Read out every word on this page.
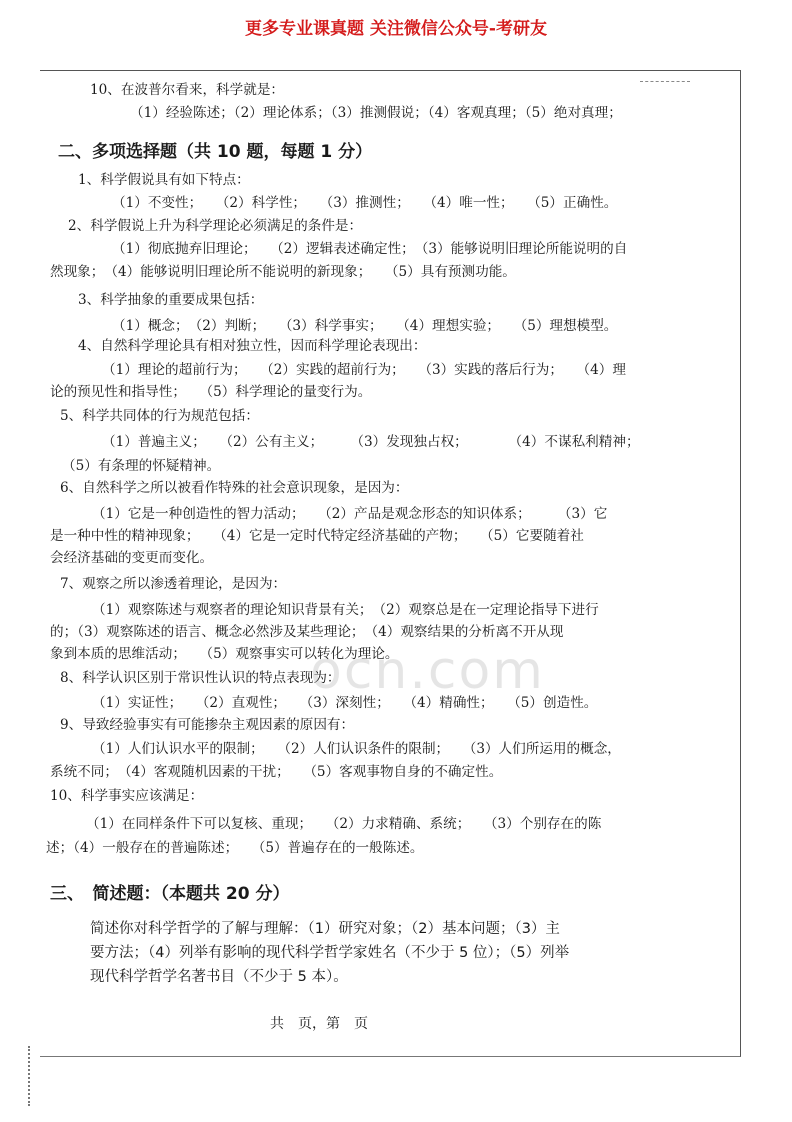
更多专业课真题 关注微信公众号-考研友
ocn.com
10、在波普尔看来，科学就是：
（1）经验陈述；（2）理论体系；（3）推测假说；（4）客观真理；（5）绝对真理；
二、多项选择题（共 10 题，每题 1 分）
1、科学假说具有如下特点：
（1）不变性；　　（2）科学性；　　（3）推测性；　　（4）唯一性；　　（5）正确性。
2、科学假说上升为科学理论必须满足的条件是：
（1）彻底抛弃旧理论；　　（2）逻辑表述确定性；　（3）能够说明旧理论所能说明的自
然现象；　（4）能够说明旧理论所不能说明的新现象；　　（5）具有预测功能。
3、科学抽象的重要成果包括：
（1）概念；　（2）判断；　　（3）科学事实；　　（4）理想实验；　　（5）理想模型。
4、自然科学理论具有相对独立性，因而科学理论表现出：
（1）理论的超前行为；　　（2）实践的超前行为；　　（3）实践的落后行为；　　（4）理
论的预见性和指导性；　　（5）科学理论的量变行为。
5、科学共同体的行为规范包括：
（1）普遍主义；　　（2）公有主义；　　　（3）发现独占权；　　　　（4）不谋私利精神；
（5）有条理的怀疑精神。
6、自然科学之所以被看作特殊的社会意识现象，是因为：
（1）它是一种创造性的智力活动；　　（2）产品是观念形态的知识体系；　　　（3）它
是一种中性的精神现象；　　（4）它是一定时代特定经济基础的产物；　　（5）它要随着社
会经济基础的变更而变化。
7、观察之所以渗透着理论，是因为：
（1）观察陈述与观察者的理论知识背景有关；　（2）观察总是在一定理论指导下进行
的；（3）观察陈述的语言、概念必然涉及某些理论；　（4）观察结果的分析离不开从现
象到本质的思维活动；　　（5）观察事实可以转化为理论。
8、科学认识区别于常识性认识的特点表现为：
（1）实证性；　　（2）直观性；　　（3）深刻性；　　（4）精确性；　　（5）创造性。
9、导致经验事实有可能掺杂主观因素的原因有：
（1）人们认识水平的限制；　　（2）人们认识条件的限制；　　（3）人们所运用的概念，
系统不同；　（4）客观随机因素的干扰；　　（5）客观事物自身的不确定性。
10、科学事实应该满足：
（1）在同样条件下可以复核、重现；　　（2）力求精确、系统；　　（3）个别存在的陈
述；（4）一般存在的普遍陈述；　　（5）普遍存在的一般陈述。
三、　简述题：（本题共 20 分）
简述你对科学哲学的了解与理解：（1）研究对象；（2）基本问题；（3）主
要方法；（4）列举有影响的现代科学哲学家姓名（不少于 5 位）；（5）列举
现代科学哲学名著书目（不少于 5 本）。
共　页，第　页
